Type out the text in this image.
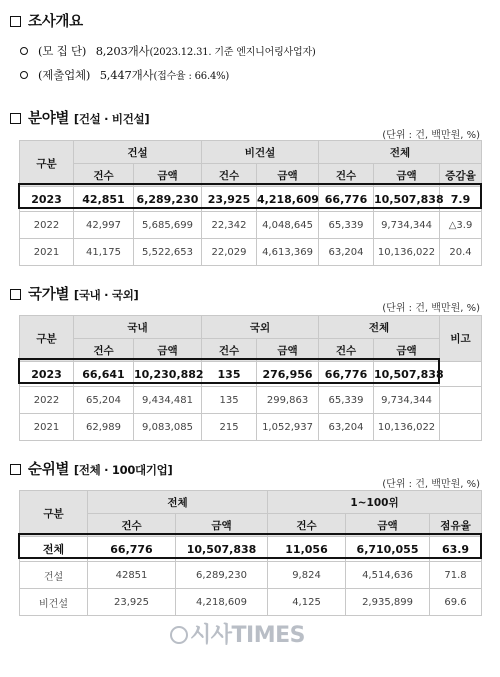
조사개요
(모 집 단) 8,203개사(2023.12.31. 기준 엔지니어링사업자)
(제출업체) 5,447개사(접수율 : 66.4%)
분야별 [건설 · 비건설]
(단위 : 건, 백만원, %)
구분	건설		비건설		전체		
	건수	금액	건수	금액	건수	금액	증감율
2023	42,851	6,289,230	23,925	4,218,609	66,776	10,507,838	7.9
2022	42,997	5,685,699	22,342	4,048,645	65,339	9,734,344	△3.9
2021	41,175	5,522,653	22,029	4,613,369	63,204	10,136,022	20.4
국가별 [국내 · 국외]
(단위 : 건, 백만원, %)
구분	국내		국외		전체		비고
	건수	금액	건수	금액	건수	금액	
2023	66,641	10,230,882	135	276,956	66,776	10,507,838	
2022	65,204	9,434,481	135	299,863	65,339	9,734,344	
2021	62,989	9,083,085	215	1,052,937	63,204	10,136,022	
순위별 [전체 · 100대기업]
(단위 : 건, 백만원, %)
구분	전체		1~100위		
	건수	금액	건수	금액	점유율
전체	66,776	10,507,838	11,056	6,710,055	63.9
건설	42851	6,289,230	9,824	4,514,636	71.8
비건설	23,925	4,218,609	4,125	2,935,899	69.6
시사TIMES
